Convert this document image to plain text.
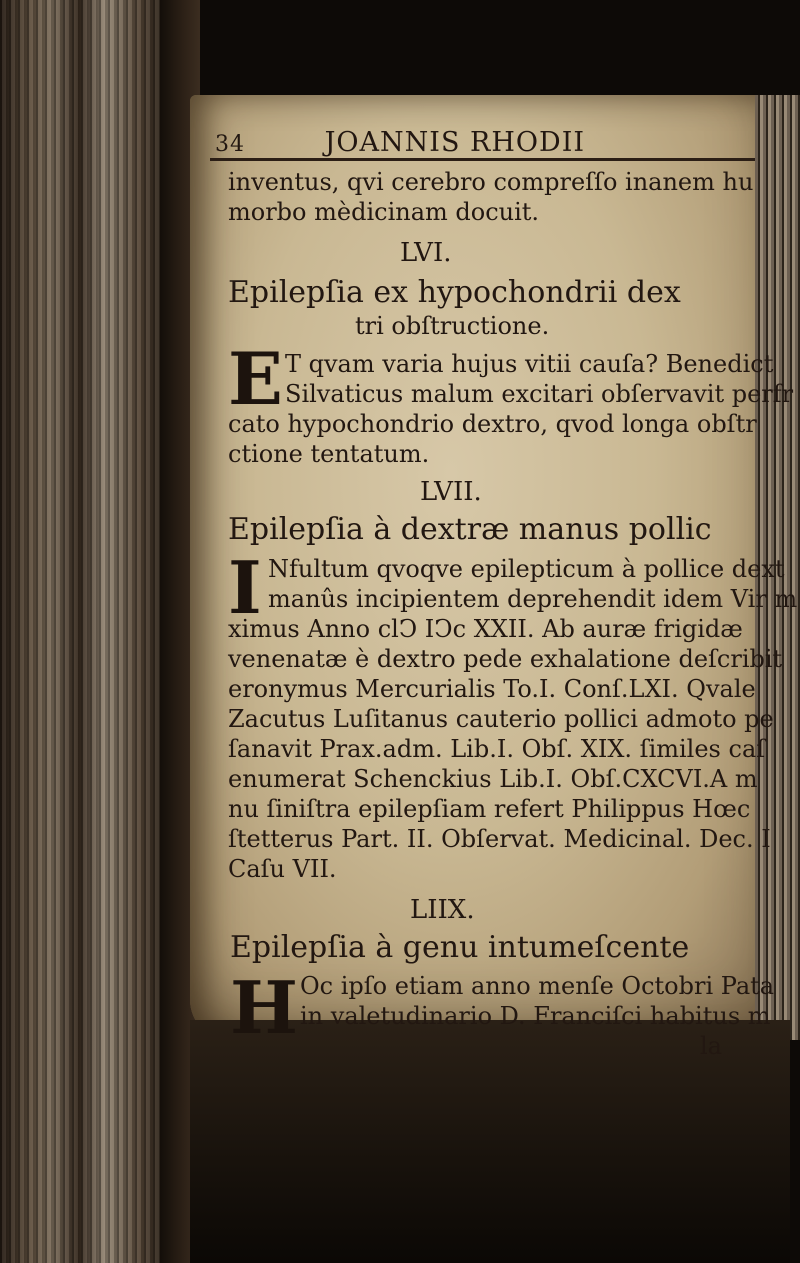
34	JOANNIS RHODII
inventus, qvi cerebro compreſſo inanem hu
morbo mèdicinam docuit.
LVI.
Epilepſia ex hypochondrii dex
tri obſtructione.
E T qvam varia hujus vitii cauſa? Benedict
Silvaticus malum excitari obſervavit perfr
cato hypochondrio dextro, qvod longa obſtr
ctione tentatum.
LVII.
Epilepſia à dextræ manus pollic
I Nfultum qvoqve epilepticum à pollice dext
manûs incipientem deprehendit idem Vir m
ximus Anno clↃ IↃc XXII. Ab auræ frigidæ
venenatæ è dextro pede exhalatione deſcribit
eronymus Mercurialis To.I. Conſ.LXI. Qvale
Zacutus Luſitanus cauterio pollici admoto pe
ſanavit Prax.adm. Lib.I. Obſ. XIX. ſimiles caſ
enumerat Schenckius Lib.I. Obſ.CXCVI.A m
nu ſiniſtra epilepſiam refert Philippus Hœc
ſtetterus Part. II. Obſervat. Medicinal. Dec. I
Caſu VII.
LIIX.
Epilepſia à genu intumeſcente
H Oc ipſo etiam anno menſe Octobri Pata
in valetudinario D. Franciſci habitus m
la
